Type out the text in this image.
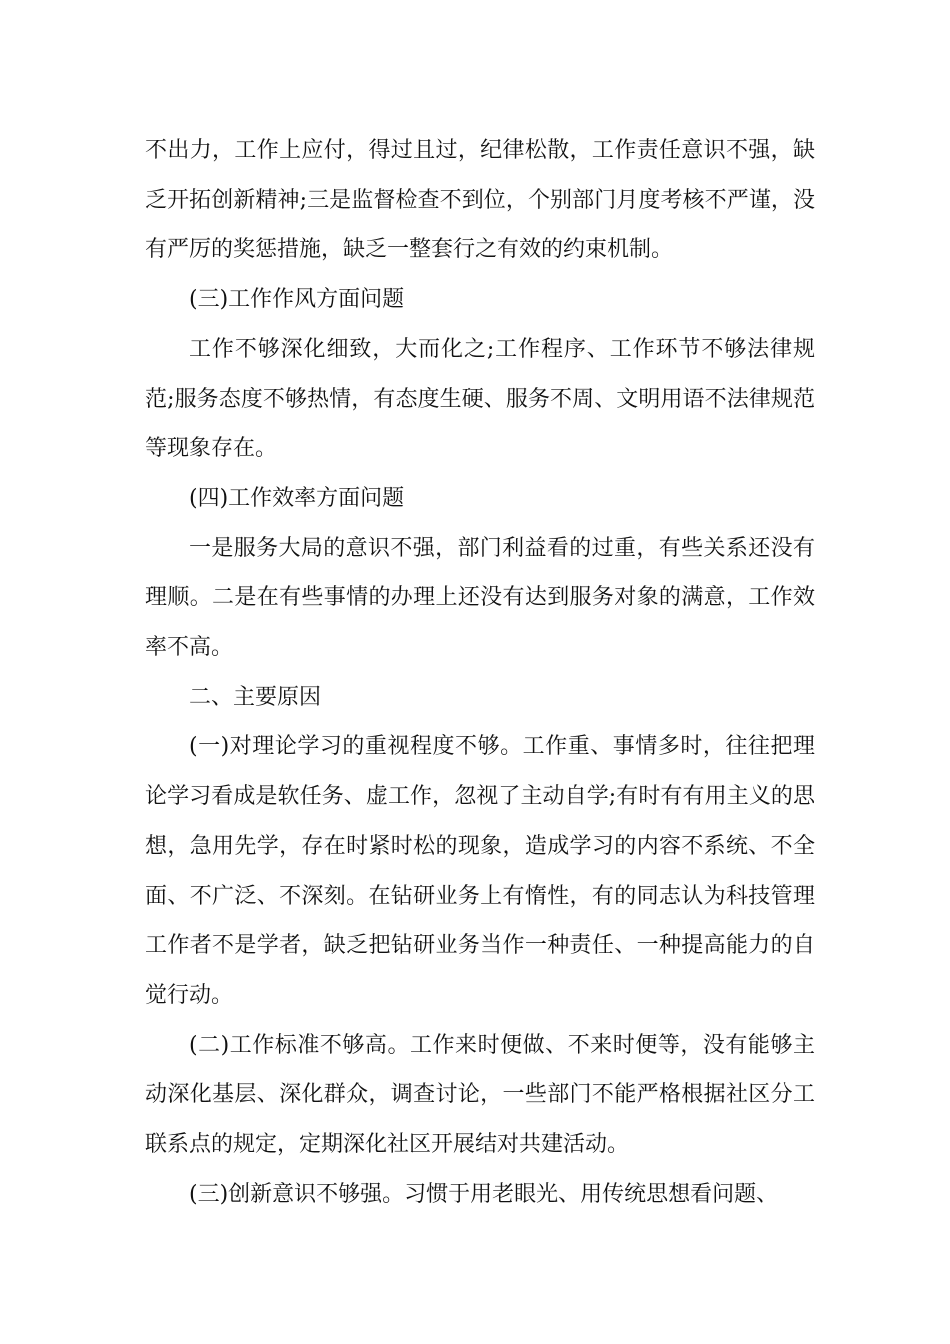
不出力，工作上应付，得过且过，纪律松散，工作责任意识不强，缺乏开拓创新精神;三是监督检查不到位，个别部门月度考核不严谨，没有严厉的奖惩措施，缺乏一整套行之有效的约束机制。

(三)工作作风方面问题

工作不够深化细致，大而化之;工作程序、工作环节不够法律规范;服务态度不够热情，有态度生硬、服务不周、文明用语不法律规范等现象存在。

(四)工作效率方面问题

一是服务大局的意识不强，部门利益看的过重，有些关系还没有理顺。二是在有些事情的办理上还没有达到服务对象的满意，工作效率不高。

二、主要原因

(一)对理论学习的重视程度不够。工作重、事情多时，往往把理论学习看成是软任务、虚工作，忽视了主动自学;有时有有用主义的思想，急用先学，存在时紧时松的现象，造成学习的内容不系统、不全面、不广泛、不深刻。在钻研业务上有惰性，有的同志认为科技管理工作者不是学者，缺乏把钻研业务当作一种责任、一种提高能力的自觉行动。

(二)工作标准不够高。工作来时便做、不来时便等，没有能够主动深化基层、深化群众，调查讨论，一些部门不能严格根据社区分工联系点的规定，定期深化社区开展结对共建活动。

(三)创新意识不够强。习惯于用老眼光、用传统思想看问题、
